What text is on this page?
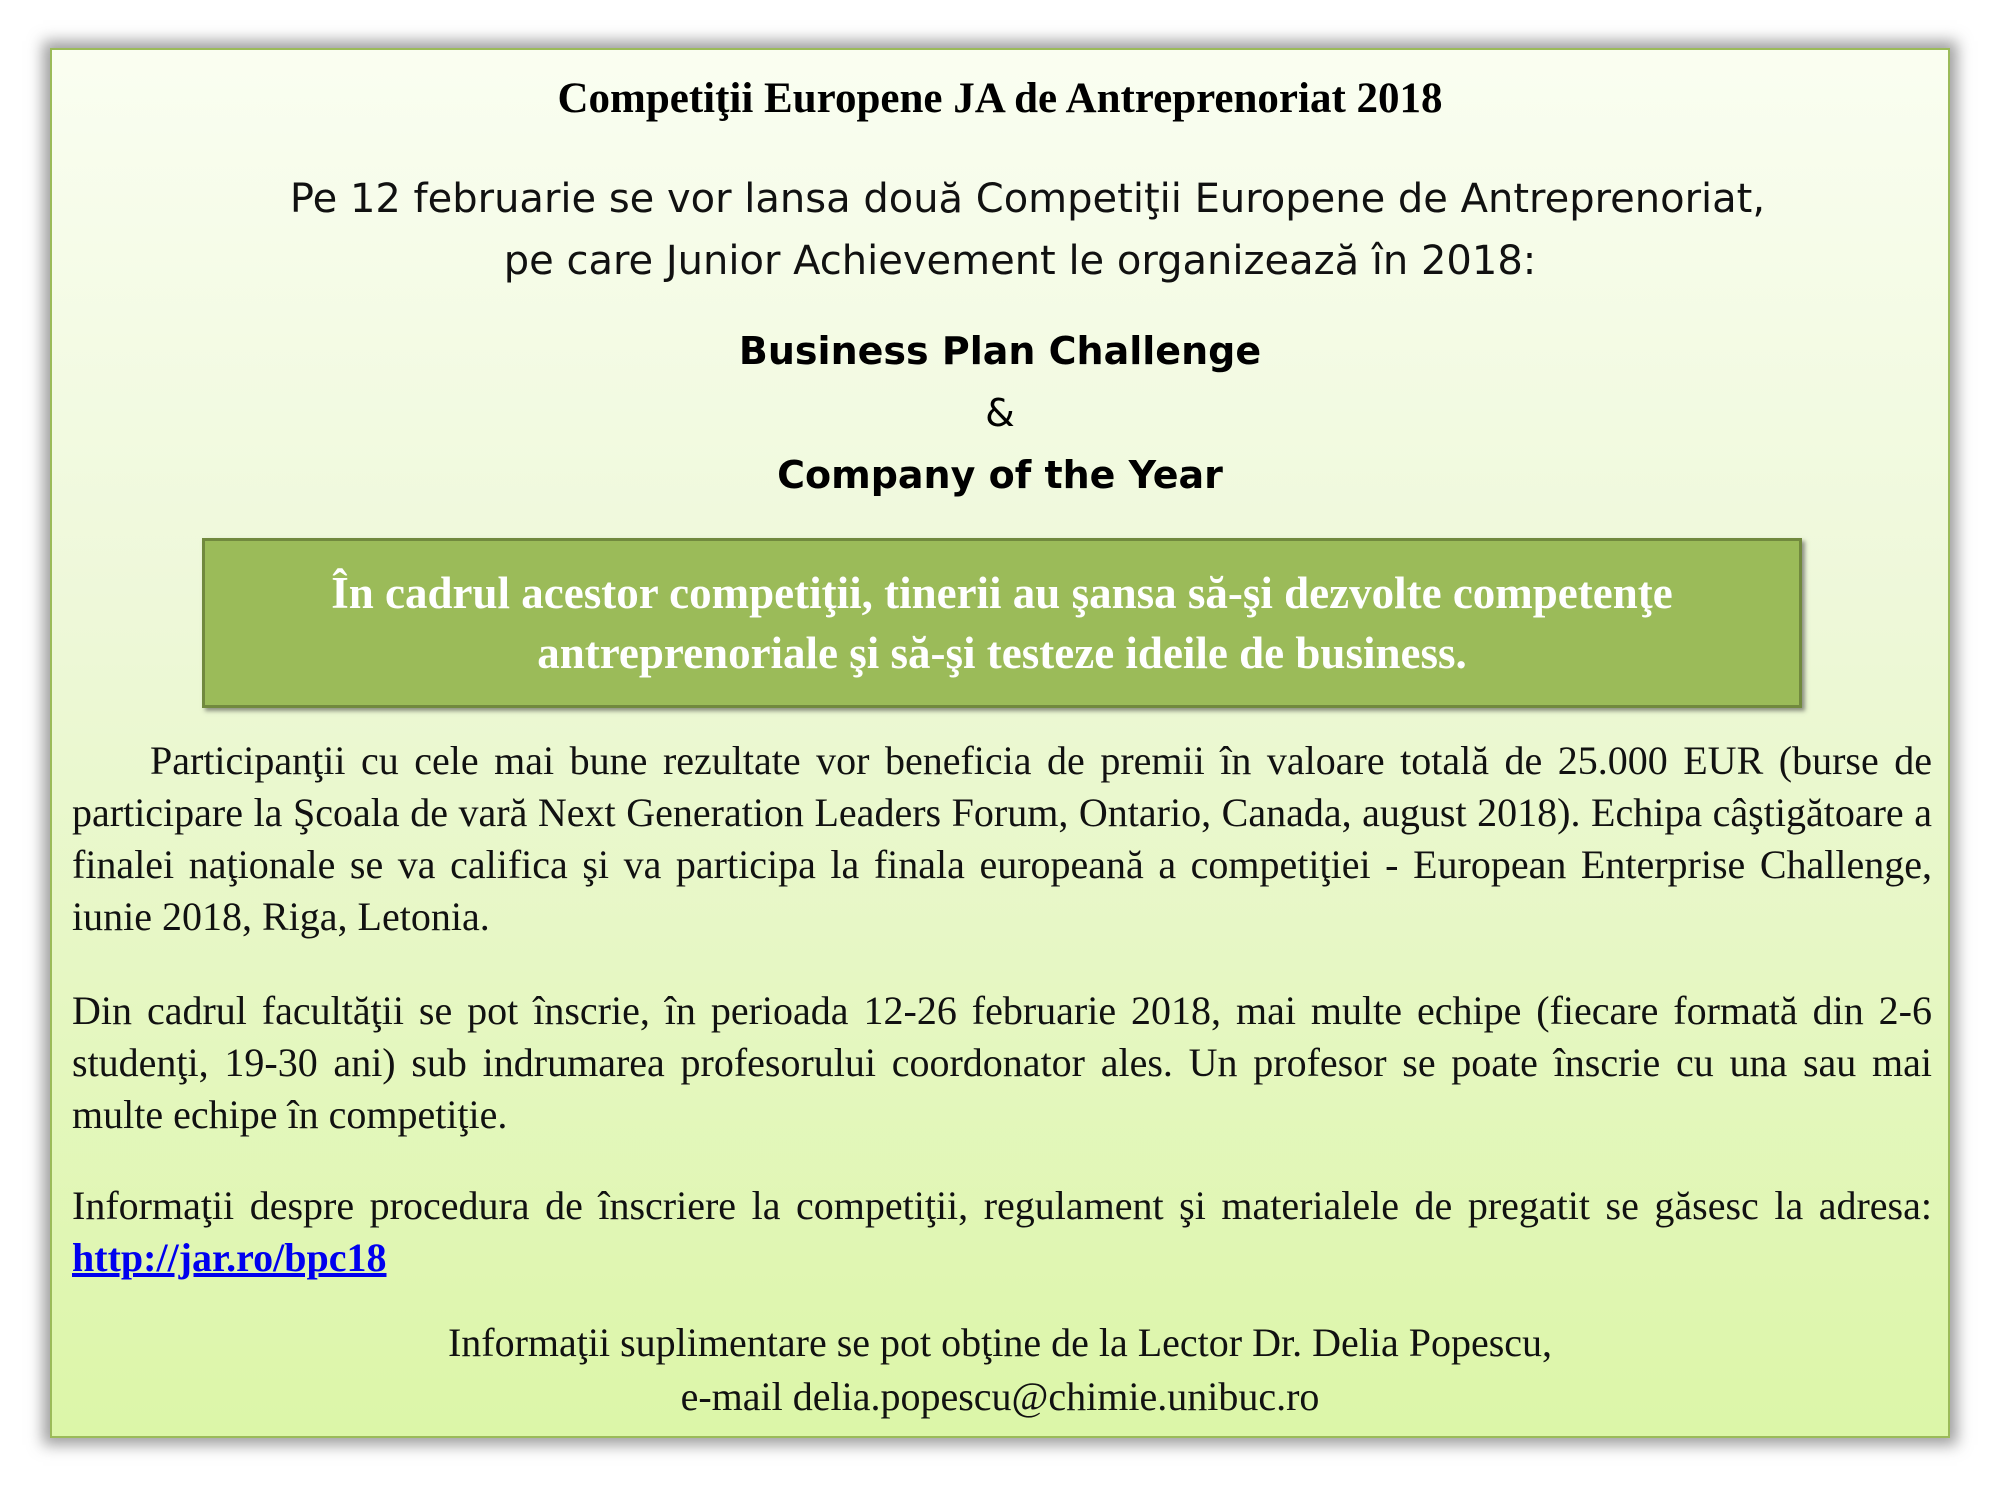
Competiţii Europene JA de Antreprenoriat 2018
Pe 12 februarie se vor lansa două Competiţii Europene de Antreprenoriat,
pe care Junior Achievement le organizează în 2018:
Business Plan Challenge
&
Company of the Year
În cadrul acestor competiţii, tinerii au şansa să-şi dezvolte competenţe
antreprenoriale şi să-şi testeze ideile de business.

Participanţii cu cele mai bune rezultate vor beneficia de premii în valoare totală de 25.000 EUR (burse de participare la Şcoala de vară Next Generation Leaders Forum, Ontario, Canada, august 2018). Echipa câştigătoare a finalei naţionale se va califica şi va participa la finala europeană a competiţiei - European Enterprise Challenge, iunie 2018, Riga, Letonia.

Din cadrul facultăţii se pot înscrie, în perioada 12-26 februarie 2018, mai multe echipe (fiecare formată din 2-6 studenţi, 19-30 ani) sub indrumarea profesorului coordonator ales. Un profesor se poate înscrie cu una sau mai multe echipe în competiţie.

Informaţii despre procedura de înscriere la competiţii, regulament şi materialele de pregatit se găsesc la adresa: http://jar.ro/bpc18

Informaţii suplimentare se pot obţine de la Lector Dr. Delia Popescu,
e-mail delia.popescu@chimie.unibuc.ro
